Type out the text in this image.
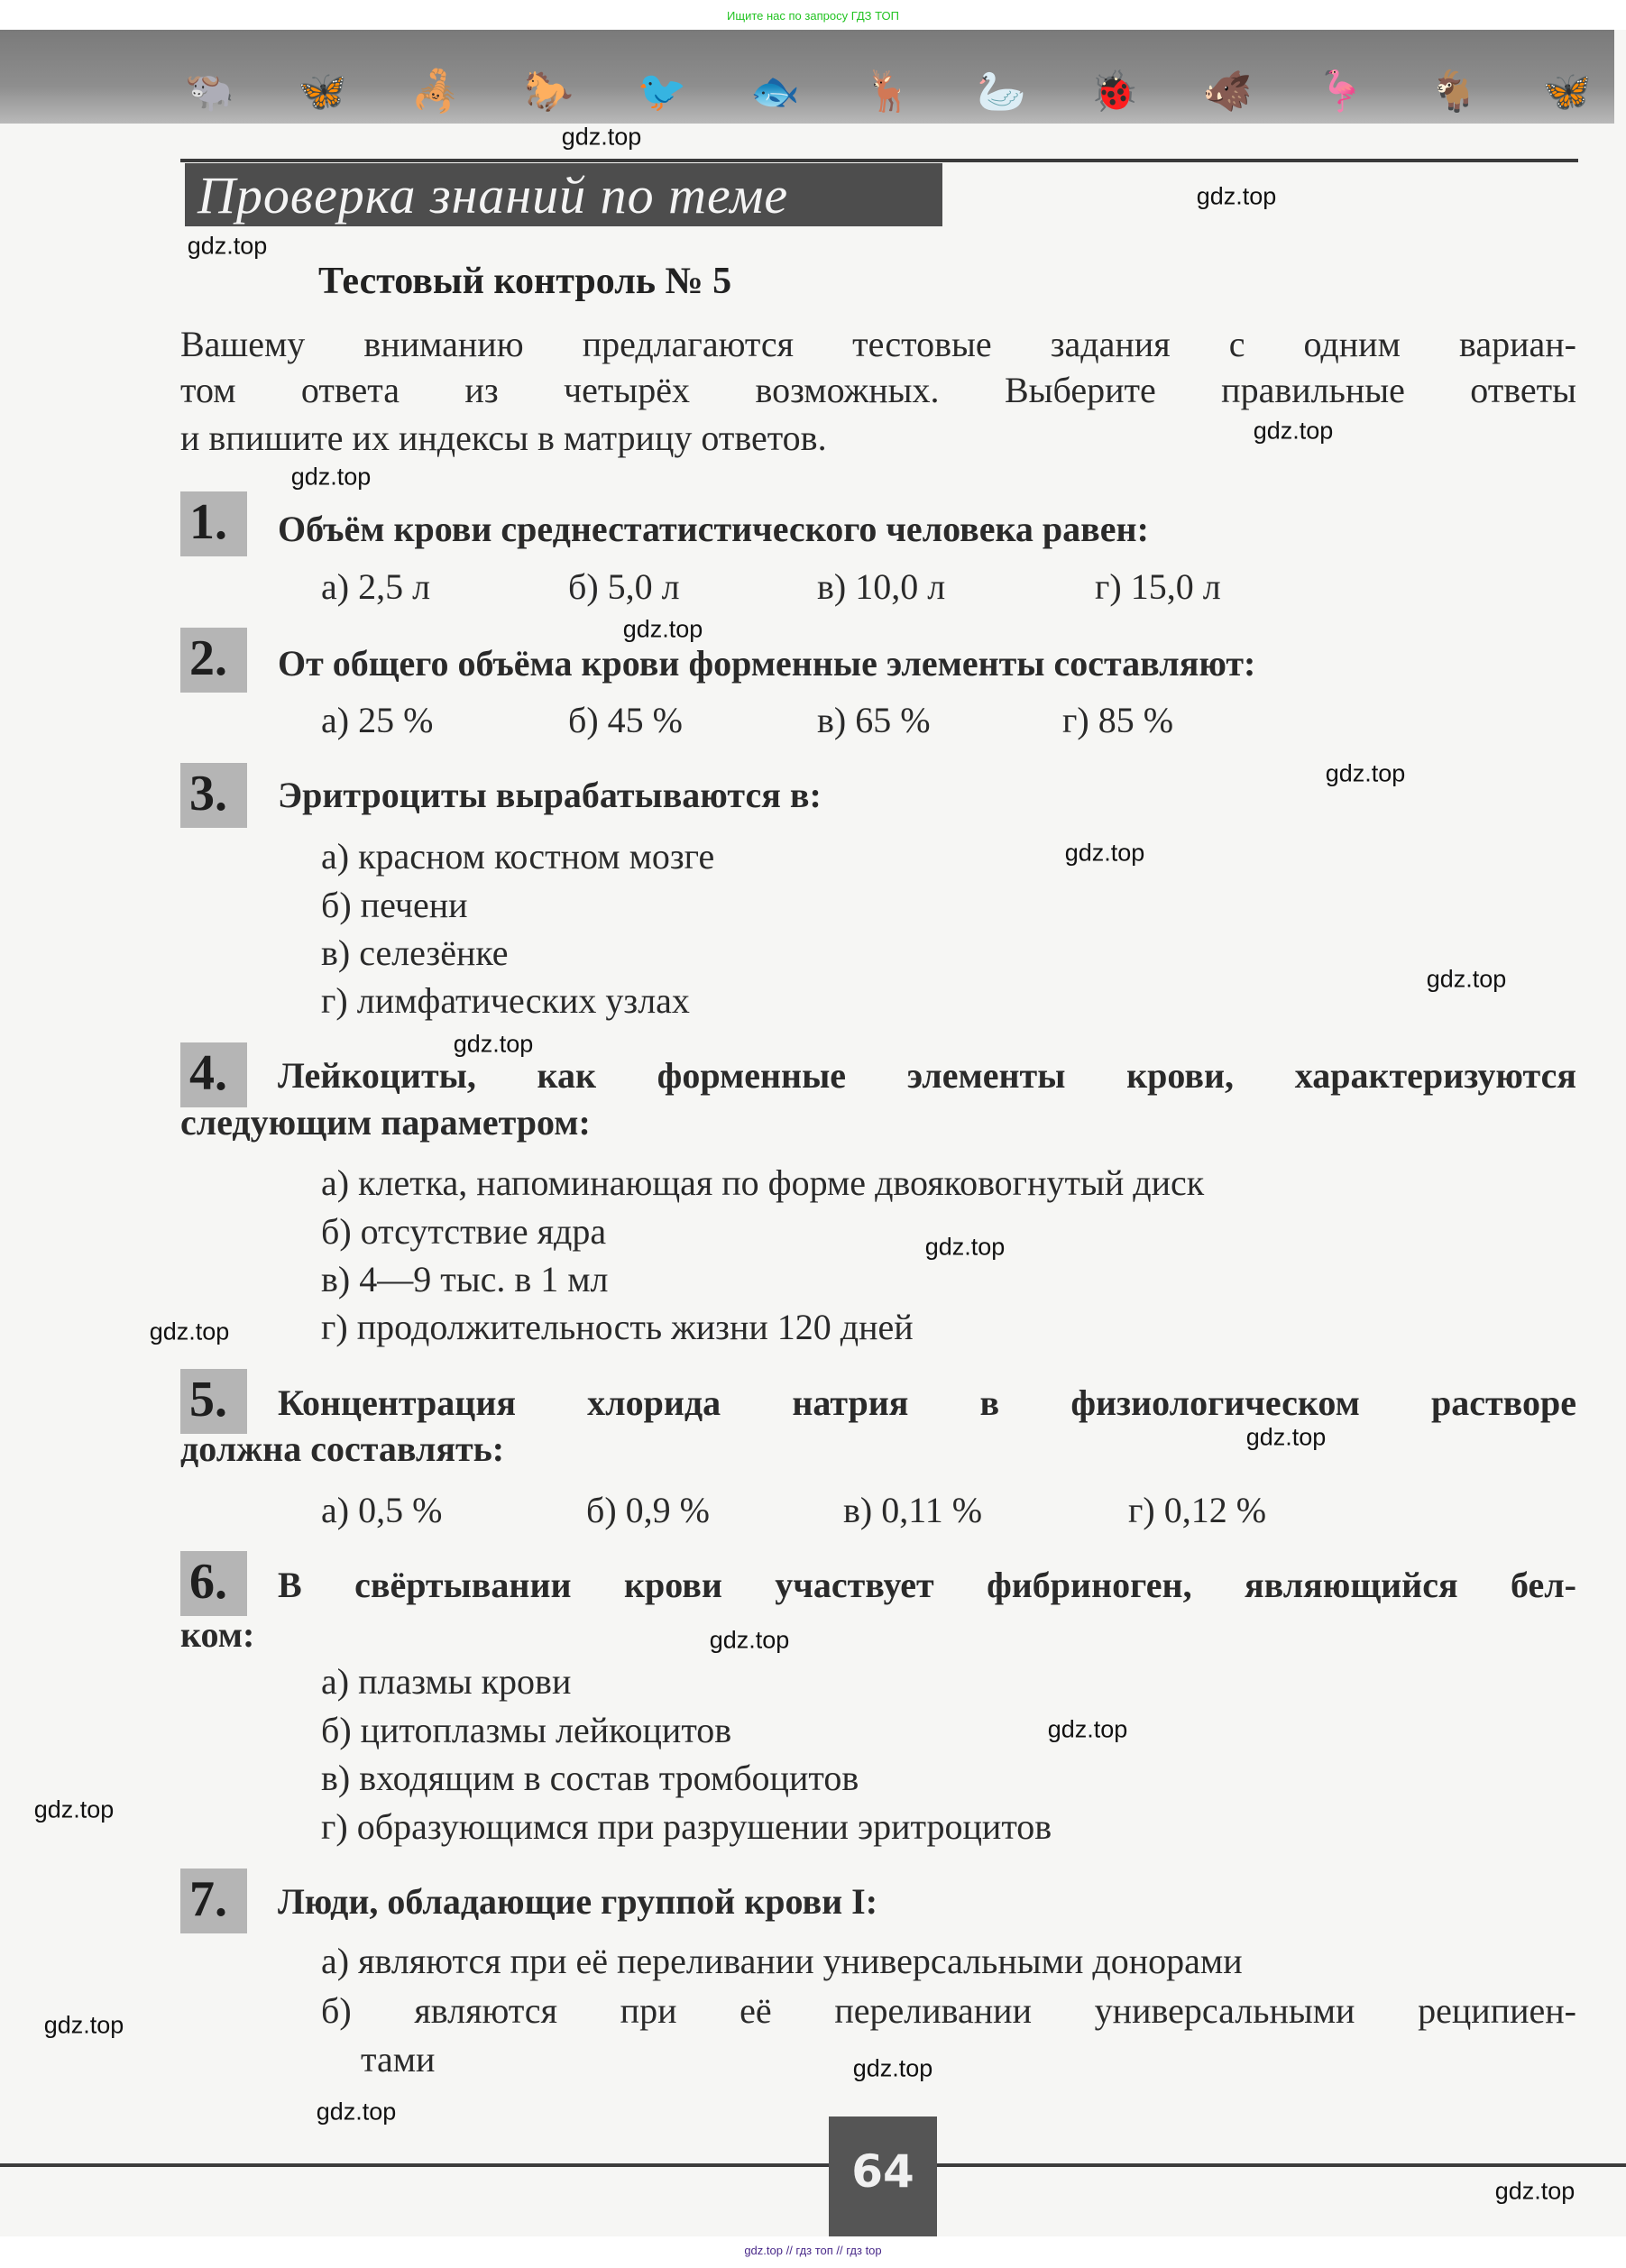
Ищите нас по запросу ГДЗ ТОП
🐃 🦋 🦂 🐎 🐦 🐟 🦌 🦢 🐞 🐗 🦩 🐐 🦋
Проверка знаний по теме
Тестовый контроль № 5
Вашему вниманию предлагаются тестовые задания с одним вариан-
том ответа из четырёх возможных. Выберите правильные ответы
и впишите их индексы в матрицу ответов.
1. Объём крови среднестатистического человека равен:
а) 2,5 л	б) 5,0 л	в) 10,0 л	г) 15,0 л
2. От общего объёма крови форменные элементы составляют:
а) 25 %	б) 45 %	в) 65 %	г) 85 %
3. Эритроциты вырабатываются в:
а) красном костном мозге
б) печени
в) селезёнке
г) лимфатических узлах
4. Лейкоциты, как форменные элементы крови, характеризуются
следующим параметром:
а) клетка, напоминающая по форме двояковогнутый диск
б) отсутствие ядра
в) 4—9 тыс. в 1 мл
г) продолжительность жизни 120 дней
5. Концентрация хлорида натрия в физиологическом растворе
должна составлять:
а) 0,5 %	б) 0,9 %	в) 0,11 %	г) 0,12 %
6. В свёртывании крови участвует фибриноген, являющийся бел-
ком:
а) плазмы крови
б) цитоплазмы лейкоцитов
в) входящим в состав тромбоцитов
г) образующимся при разрушении эритроцитов
7. Люди, обладающие группой крови I:
а) являются при её переливании универсальными донорами
б) являются при её переливании универсальными реципиен-
тами
64
gdz.top
gdz.top
gdz.top
gdz.top
gdz.top
gdz.top
gdz.top
gdz.top
gdz.top
gdz.top
gdz.top
gdz.top
gdz.top
gdz.top
gdz.top
gdz.top
gdz.top
gdz.top
gdz.top
gdz.top
gdz.top // гдз топ // гдз top
